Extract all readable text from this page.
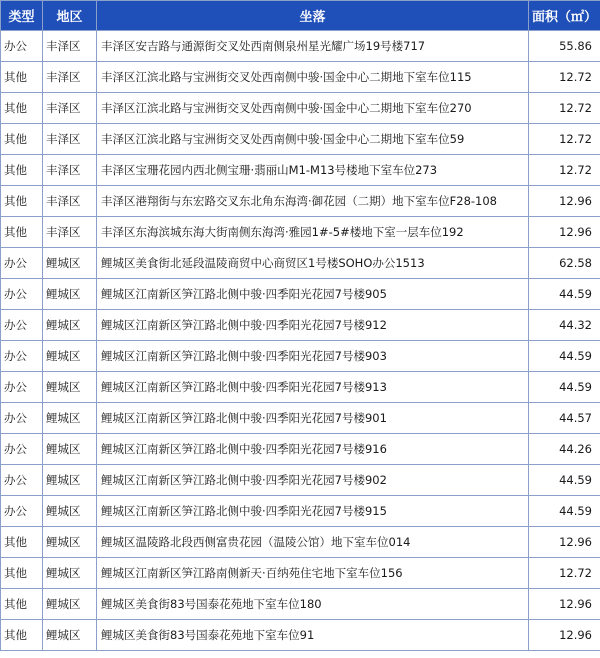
类型	地区	坐落	面积（㎡）
办公	丰泽区	丰泽区安吉路与通源街交叉处西南侧泉州星光耀广场19号楼717	55.86
其他	丰泽区	丰泽区江滨北路与宝洲街交叉处西南侧中骏·国金中心二期地下室车位115	12.72
其他	丰泽区	丰泽区江滨北路与宝洲街交叉处西南侧中骏·国金中心二期地下室车位270	12.72
其他	丰泽区	丰泽区江滨北路与宝洲街交叉处西南侧中骏·国金中心二期地下室车位59	12.72
其他	丰泽区	丰泽区宝珊花园内西北侧宝珊·翡丽山M1-M13号楼地下室车位273	12.72
其他	丰泽区	丰泽区港翔街与东宏路交叉东北角东海湾·御花园（二期）地下室车位F28-108	12.96
其他	丰泽区	丰泽区东海滨城东海大街南侧东海湾·雅园1#-5#楼地下室一层车位192	12.96
办公	鲤城区	鲤城区美食街北延段温陵商贸中心商贸区1号楼SOHO办公1513	62.58
办公	鲤城区	鲤城区江南新区笋江路北侧中骏·四季阳光花园7号楼905	44.59
办公	鲤城区	鲤城区江南新区笋江路北侧中骏·四季阳光花园7号楼912	44.32
办公	鲤城区	鲤城区江南新区笋江路北侧中骏·四季阳光花园7号楼903	44.59
办公	鲤城区	鲤城区江南新区笋江路北侧中骏·四季阳光花园7号楼913	44.59
办公	鲤城区	鲤城区江南新区笋江路北侧中骏·四季阳光花园7号楼901	44.57
办公	鲤城区	鲤城区江南新区笋江路北侧中骏·四季阳光花园7号楼916	44.26
办公	鲤城区	鲤城区江南新区笋江路北侧中骏·四季阳光花园7号楼902	44.59
办公	鲤城区	鲤城区江南新区笋江路北侧中骏·四季阳光花园7号楼915	44.59
其他	鲤城区	鲤城区温陵路北段西侧富贵花园（温陵公馆）地下室车位014	12.96
其他	鲤城区	鲤城区江南新区笋江路南侧新天·百纳苑住宅地下室车位156	12.72
其他	鲤城区	鲤城区美食街83号国泰花苑地下室车位180	12.96
其他	鲤城区	鲤城区美食街83号国泰花苑地下室车位91	12.96
